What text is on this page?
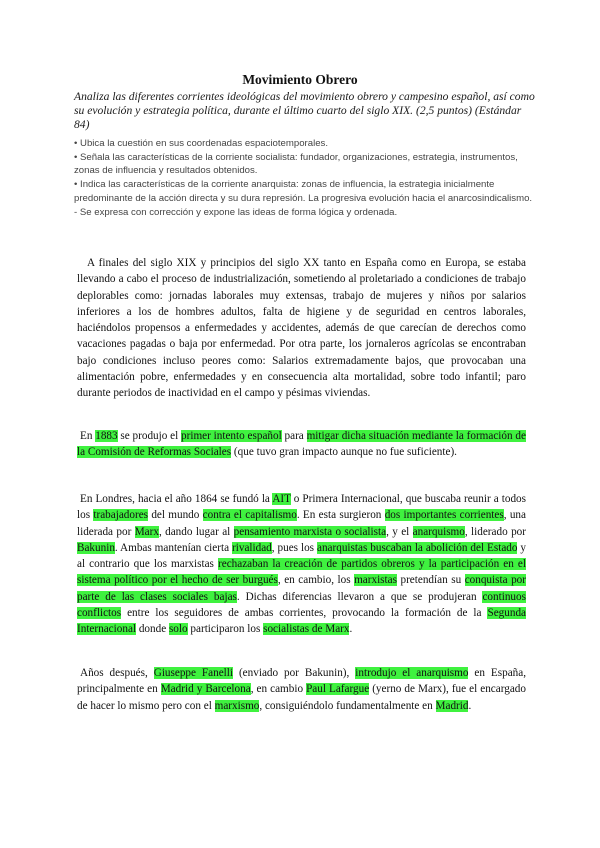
Movimiento Obrero

Analiza las diferentes corrientes ideológicas del movimiento obrero y campesino español, así como su evolución y estrategia política, durante el último cuarto del siglo XIX. (2,5 puntos) (Estándar 84)

• Ubica la cuestión en sus coordenadas espaciotemporales.
• Señala las características de la corriente socialista: fundador, organizaciones, estrategia, instrumentos, zonas de influencia y resultados obtenidos.
• Indica las características de la corriente anarquista: zonas de influencia, la estrategia inicialmente predominante de la acción directa y su dura represión. La progresiva evolución hacia el anarcosindicalismo.
- Se expresa con corrección y expone las ideas de forma lógica y ordenada.

A finales del siglo XIX y principios del siglo XX tanto en España como en Europa, se estaba llevando a cabo el proceso de industrialización, sometiendo al proletariado a condiciones de trabajo deplorables como: jornadas laborales muy extensas, trabajo de mujeres y niños por salarios inferiores a los de hombres adultos, falta de higiene y de seguridad en centros laborales, haciéndolos propensos a enfermedades y accidentes, además de que carecían de derechos como vacaciones pagadas o baja por enfermedad. Por otra parte, los jornaleros agrícolas se encontraban bajo condiciones incluso peores como: Salarios extremadamente bajos, que provocaban una alimentación pobre, enfermedades y en consecuencia alta mortalidad, sobre todo infantil; paro durante periodos de inactividad en el campo y pésimas viviendas.

En 1883 se produjo el primer intento español para mitigar dicha situación mediante la formación de la Comisión de Reformas Sociales (que tuvo gran impacto aunque no fue suficiente).

En Londres, hacia el año 1864 se fundó la AIT o Primera Internacional, que buscaba reunir a todos los trabajadores del mundo contra el capitalismo. En esta surgieron dos importantes corrientes, una liderada por Marx, dando lugar al pensamiento marxista o socialista, y el anarquismo, liderado por Bakunin. Ambas mantenían cierta rivalidad, pues los anarquistas buscaban la abolición del Estado y al contrario que los marxistas rechazaban la creación de partidos obreros y la participación en el sistema político por el hecho de ser burgués, en cambio, los marxistas pretendían su conquista por parte de las clases sociales bajas. Dichas diferencias llevaron a que se produjeran continuos conflictos entre los seguidores de ambas corrientes, provocando la formación de la Segunda Internacional donde solo participaron los socialistas de Marx.

Años después, Giuseppe Fanelli (enviado por Bakunin), introdujo el anarquismo en España, principalmente en Madrid y Barcelona, en cambio Paul Lafargue (yerno de Marx), fue el encargado de hacer lo mismo pero con el marxismo, consiguiéndolo fundamentalmente en Madrid.
